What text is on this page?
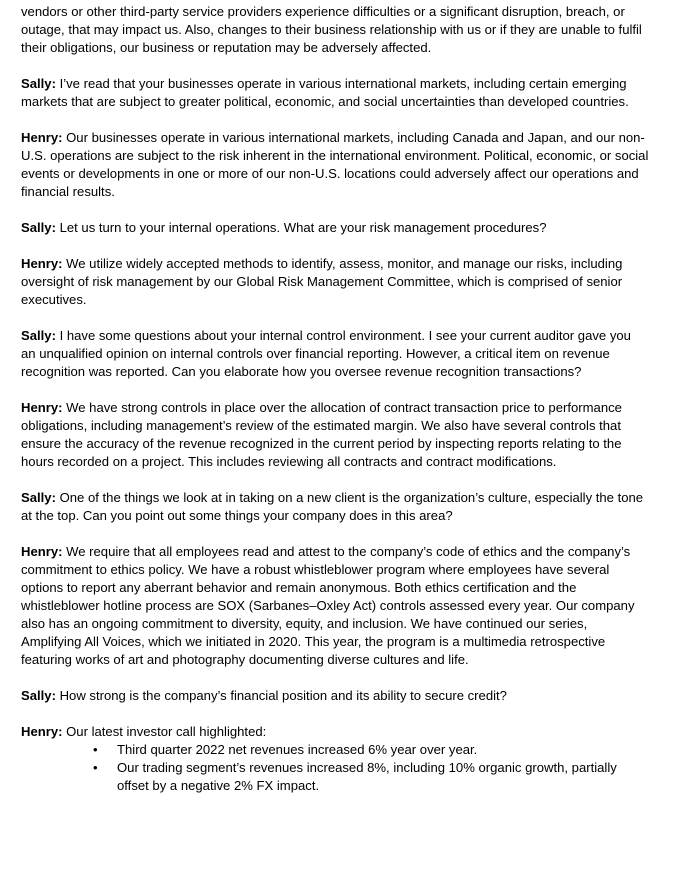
vendors or other third-party service providers experience difficulties or a significant disruption, breach, or outage, that may impact us. Also, changes to their business relationship with us or if they are unable to fulfil their obligations, our business or reputation may be adversely affected.

Sally: I’ve read that your businesses operate in various international markets, including certain emerging markets that are subject to greater political, economic, and social uncertainties than developed countries.

Henry: Our businesses operate in various international markets, including Canada and Japan, and our non-U.S. operations are subject to the risk inherent in the international environment. Political, economic, or social events or developments in one or more of our non-U.S. locations could adversely affect our operations and financial results.

Sally: Let us turn to your internal operations. What are your risk management procedures?

Henry: We utilize widely accepted methods to identify, assess, monitor, and manage our risks, including oversight of risk management by our Global Risk Management Committee, which is comprised of senior executives.

Sally: I have some questions about your internal control environment. I see your current auditor gave you an unqualified opinion on internal controls over financial reporting. However, a critical item on revenue recognition was reported. Can you elaborate how you oversee revenue recognition transactions?

Henry: We have strong controls in place over the allocation of contract transaction price to performance obligations, including management’s review of the estimated margin. We also have several controls that ensure the accuracy of the revenue recognized in the current period by inspecting reports relating to the hours recorded on a project. This includes reviewing all contracts and contract modifications.

Sally: One of the things we look at in taking on a new client is the organization’s culture, especially the tone at the top. Can you point out some things your company does in this area?

Henry: We require that all employees read and attest to the company’s code of ethics and the company’s commitment to ethics policy. We have a robust whistleblower program where employees have several options to report any aberrant behavior and remain anonymous. Both ethics certification and the whistleblower hotline process are SOX (Sarbanes–Oxley Act) controls assessed every year. Our company also has an ongoing commitment to diversity, equity, and inclusion. We have continued our series, Amplifying All Voices, which we initiated in 2020. This year, the program is a multimedia retrospective featuring works of art and photography documenting diverse cultures and life.

Sally: How strong is the company’s financial position and its ability to secure credit?

Henry: Our latest investor call highlighted:

• Third quarter 2022 net revenues increased 6% year over year.
• Our trading segment’s revenues increased 8%, including 10% organic growth, partially offset by a negative 2% FX impact.
